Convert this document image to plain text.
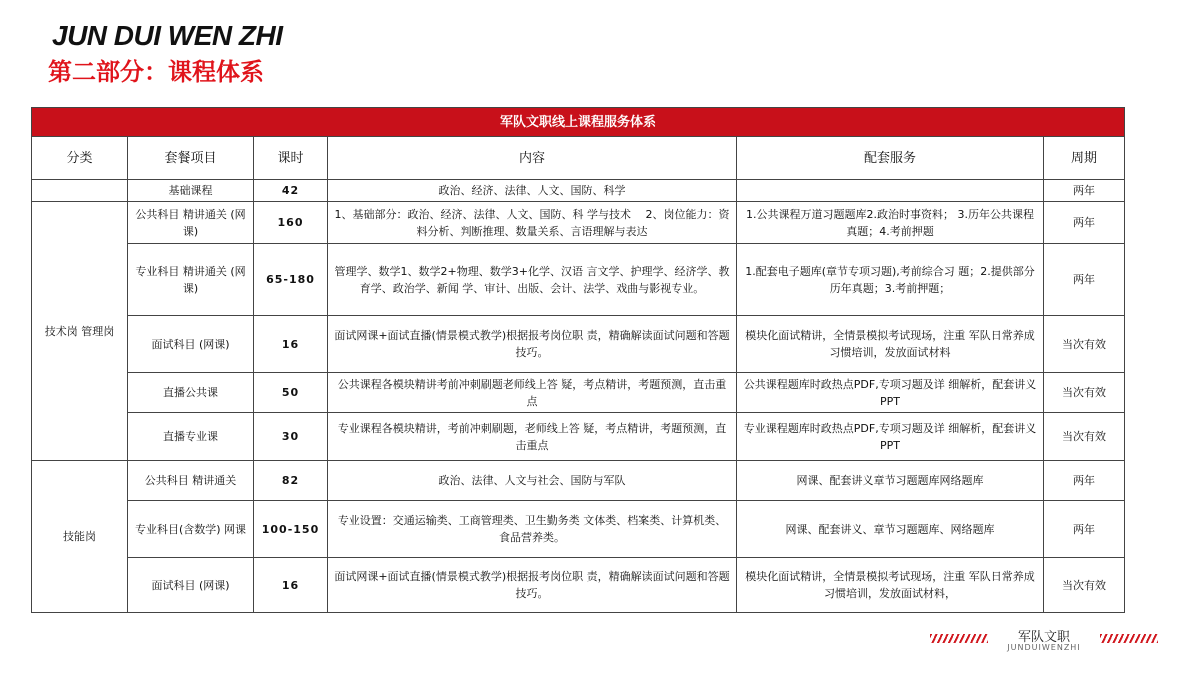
JUN DUI WEN ZHI
第二部分：课程体系
军队文职线上课程服务体系					
分类	套餐项目	课时	内容	配套服务	周期
	基础课程	42	政治、经济、法律、人文、国防、科学		两年
技术岗 管理岗	公共科目 精讲通关 (网课)	160	1、基础部分：政治、经济、法律、人文、国防、科 学与技术　 2、岗位能力：资料分析、判断推理、数量关系、言语理解与表达	1.公共课程万道习题题库2.政治时事资料； 3.历年公共课程真题；4.考前押题	两年
	专业科目 精讲通关 (网课)	65-180	管理学、数学1、数学2+物理、数学3+化学、汉语 言文学、护理学、经济学、教育学、政治学、新闻 学、审计、出版、会计、法学、戏曲与影视专业。	1.配套电子题库(章节专项习题),考前综合习 题；2.提供部分历年真题；3.考前押题；	两年
	面试科目 (网课)	16	面试网课+面试直播(情景模式教学)根据报考岗位职 责，精确解读面试问题和答题技巧。	模块化面试精讲，全情景模拟考试现场，注重 军队日常养成习惯培训，发放面试材料	当次有效
	直播公共课	50	公共课程各模块精讲考前冲刺刷题老师线上答 疑，考点精讲，考题预测，直击重点	公共课程题库时政热点PDF,专项习题及详 细解析，配套讲义PPT	当次有效
	直播专业课	30	专业课程各模块精讲，考前冲刺刷题，老师线上答 疑，考点精讲，考题预测，直击重点	专业课程题库时政热点PDF,专项习题及详 细解析，配套讲义PPT	当次有效
技能岗	公共科目 精讲通关	82	政治、法律、人文与社会、国防与军队	网课、配套讲义章节习题题库网络题库	两年
	专业科目(含数学) 网课	100-150	专业设置：交通运输类、工商管理类、卫生勤务类 文体类、档案类、计算机类、食品营养类。	网课、配套讲义、章节习题题库、网络题库	两年
	面试科目 (网课)	16	面试网课+面试直播(情景模式教学)根据报考岗位职 责，精确解读面试问题和答题技巧。	模块化面试精讲，全情景模拟考试现场，注重 军队日常养成习惯培训，发放面试材料，	当次有效
军队文职
JUNDUIWENZHI
